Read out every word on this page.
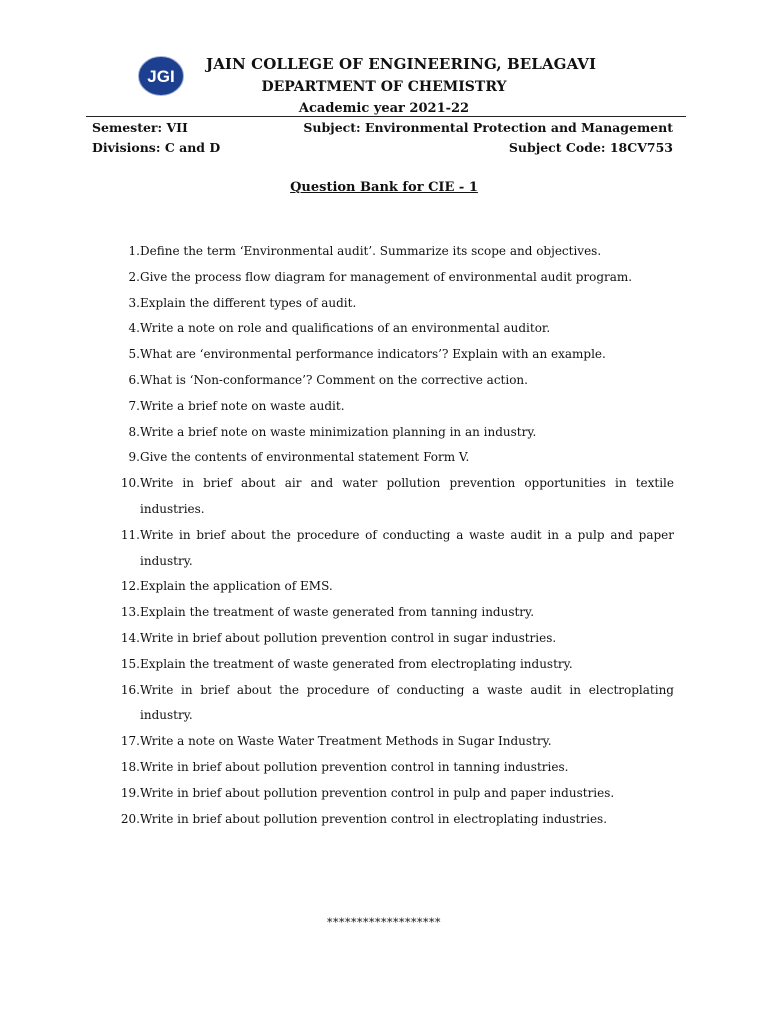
JGI
JAIN COLLEGE OF ENGINEERING, BELAGAVI
DEPARTMENT OF CHEMISTRY
Academic year 2021-22
Semester: VII	Subject: Environmental Protection and Management
Divisions: C and D	Subject Code: 18CV753
Question Bank for CIE - 1
1. Define the term ‘Environmental audit’. Summarize its scope and objectives.
2. Give the process flow diagram for management of environmental audit program.
3. Explain the different types of audit.
4. Write a note on role and qualifications of an environmental auditor.
5. What are ‘environmental performance indicators’? Explain with an example.
6. What is ‘Non-conformance’? Comment on the corrective action.
7. Write a brief note on waste audit.
8. Write a brief note on waste minimization planning in an industry.
9. Give the contents of environmental statement Form V.
10. Write in brief about air and water pollution prevention opportunities in textile industries.
11. Write in brief about the procedure of conducting a waste audit in a pulp and paper industry.
12. Explain the application of EMS.
13. Explain the treatment of waste generated from tanning industry.
14. Write in brief about pollution prevention control in sugar industries.
15. Explain the treatment of waste generated from electroplating industry.
16. Write in brief about the procedure of conducting a waste audit in electroplating industry.
17. Write a note on Waste Water Treatment Methods in Sugar Industry.
18. Write in brief about pollution prevention control in tanning industries.
19. Write in brief about pollution prevention control in pulp and paper industries.
20. Write in brief about pollution prevention control in electroplating industries.
*******************
